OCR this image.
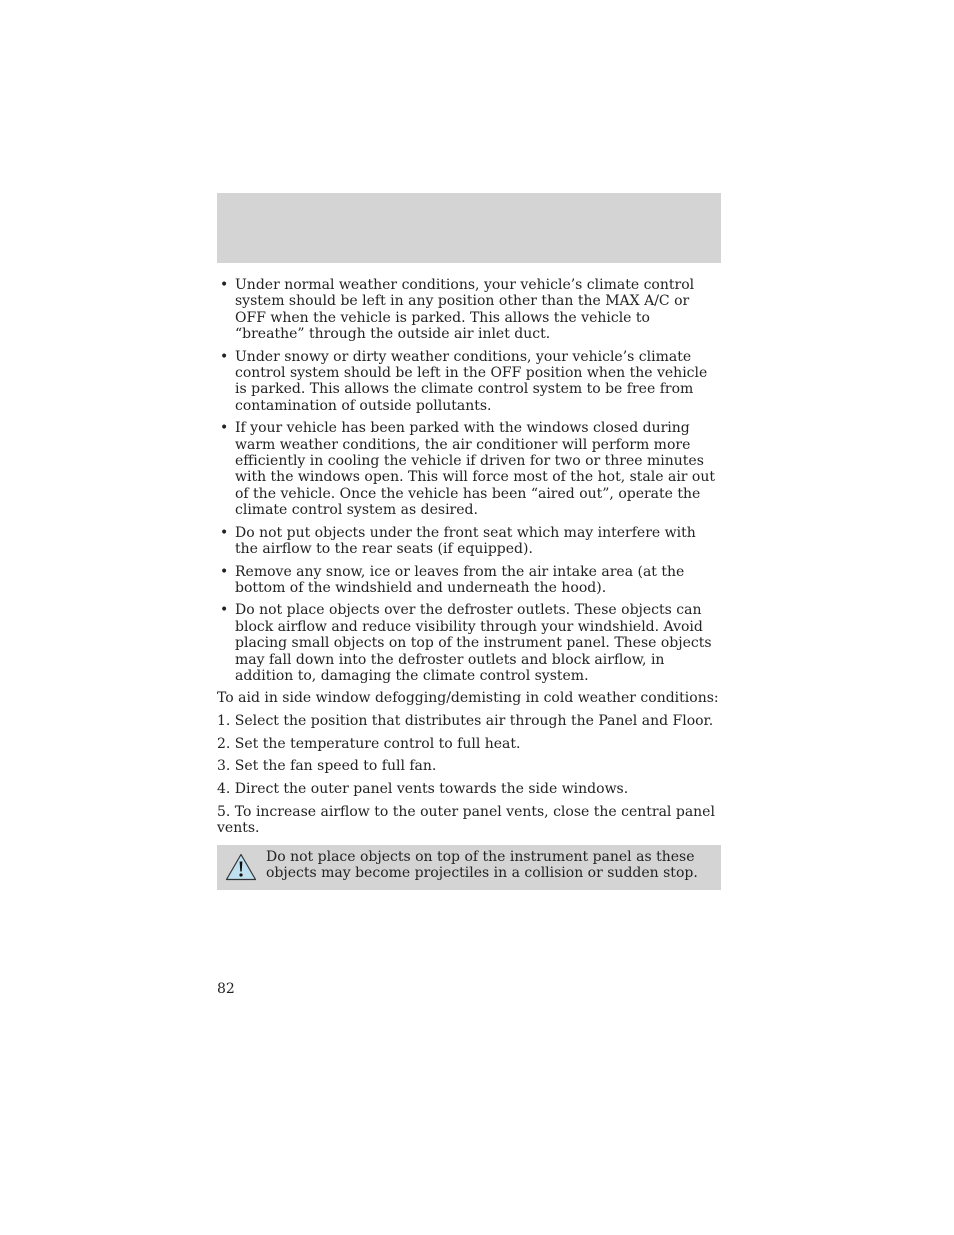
• Under normal weather conditions, your vehicle’s climate control system should be left in any position other than the MAX A/C or OFF when the vehicle is parked. This allows the vehicle to “breathe” through the outside air inlet duct.
• Under snowy or dirty weather conditions, your vehicle’s climate control system should be left in the OFF position when the vehicle is parked. This allows the climate control system to be free from contamination of outside pollutants.
• If your vehicle has been parked with the windows closed during warm weather conditions, the air conditioner will perform more efficiently in cooling the vehicle if driven for two or three minutes with the windows open. This will force most of the hot, stale air out of the vehicle. Once the vehicle has been “aired out”, operate the climate control system as desired.
• Do not put objects under the front seat which may interfere with the airflow to the rear seats (if equipped).
• Remove any snow, ice or leaves from the air intake area (at the bottom of the windshield and underneath the hood).
• Do not place objects over the defroster outlets. These objects can block airflow and reduce visibility through your windshield. Avoid placing small objects on top of the instrument panel. These objects may fall down into the defroster outlets and block airflow, in addition to, damaging the climate control system.

To aid in side window defogging/demisting in cold weather conditions:

1. Select the position that distributes air through the Panel and Floor.

2. Set the temperature control to full heat.

3. Set the fan speed to full fan.

4. Direct the outer panel vents towards the side windows.

5. To increase airflow to the outer panel vents, close the central panel vents.

Do not place objects on top of the instrument panel as these objects may become projectiles in a collision or sudden stop.
82
